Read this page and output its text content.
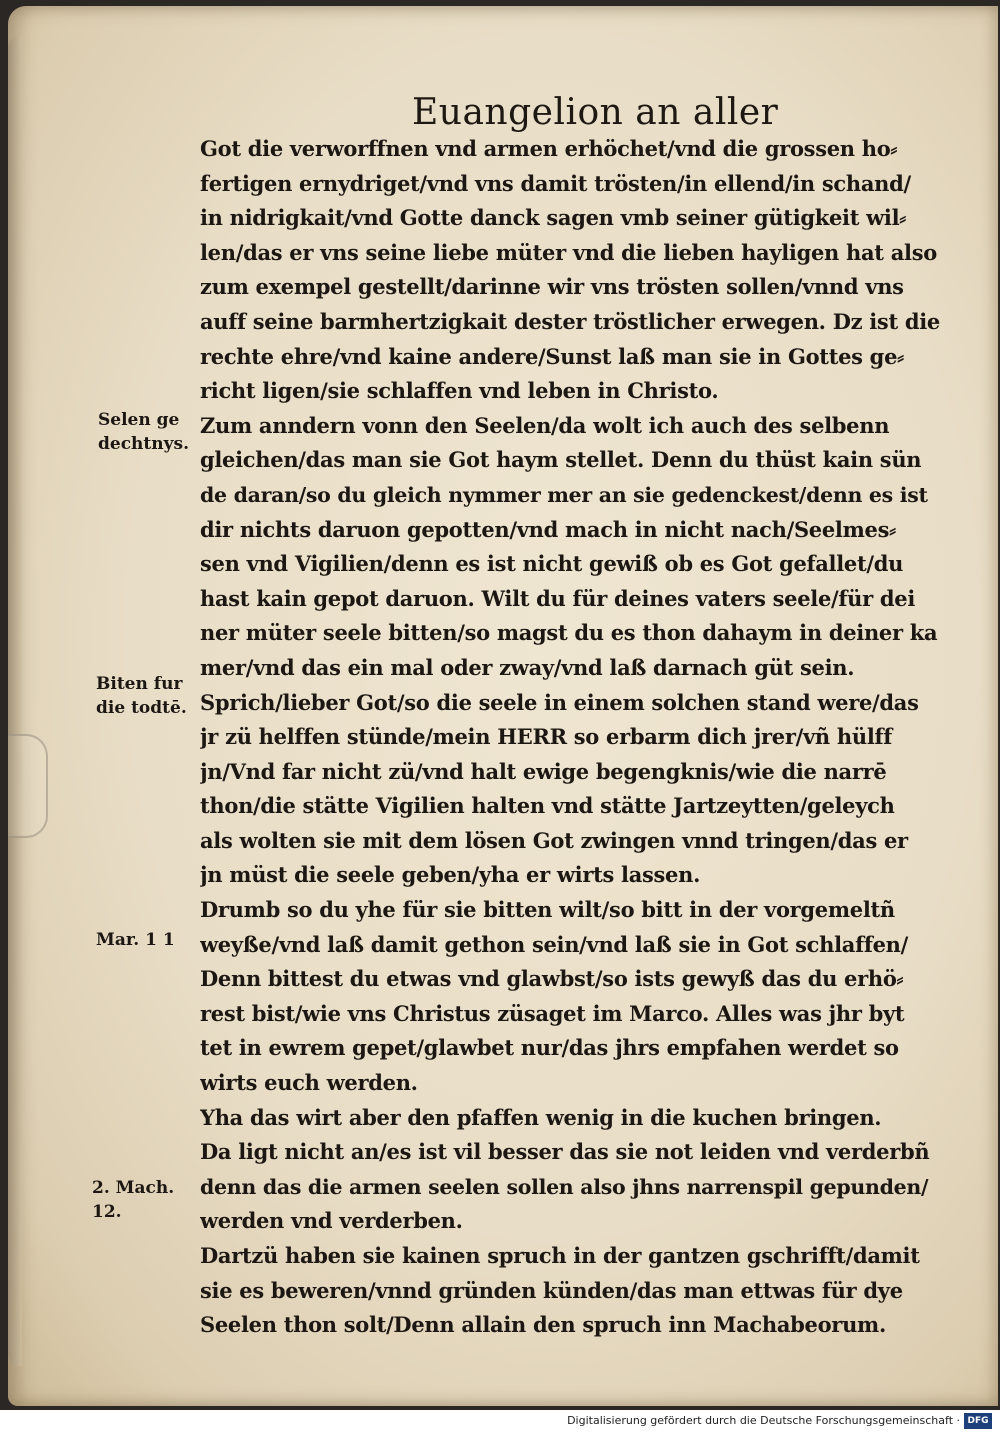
Euangelion an aller
Got die verworffnen vnd armen erhöchet/vnd die grossen ho⸗
fertigen ernydriget/vnd vns damit trösten/in ellend/in schand/
in nidrigkait/vnd Gotte danck sagen vmb seiner gütigkeit wil⸗
len/das er vns seine liebe müter vnd die lieben hayligen hat also
zum exempel gestellt/darinne wir vns trösten sollen/vnnd vns
auff seine barmhertzigkait dester tröstlicher erwegen. Dz ist die
rechte ehre/vnd kaine andere/Sunst laß man sie in Gottes ge⸗
richt ligen/sie schlaffen vnd leben in Christo.
Zum anndern vonn den Seelen/da wolt ich auch des selbenn
gleichen/das man sie Got haym stellet. Denn du thüst kain sün
de daran/so du gleich nymmer mer an sie gedenckest/denn es ist
dir nichts daruon gepotten/vnd mach in nicht nach/Seelmes⸗
sen vnd Vigilien/denn es ist nicht gewiß ob es Got gefallet/du
hast kain gepot daruon. Wilt du für deines vaters seele/für dei
ner müter seele bitten/so magst du es thon dahaym in deiner ka
mer/vnd das ein mal oder zway/vnd laß darnach güt sein.
Sprich/lieber Got/so die seele in einem solchen stand were/das
jr zü helffen stünde/mein HERR so erbarm dich jrer/vñ hülff
jn/Vnd far nicht zü/vnd halt ewige begengknis/wie die narrē
thon/die stätte Vigilien halten vnd stätte Jartzeytten/geleych
als wolten sie mit dem lösen Got zwingen vnnd tringen/das er
jn müst die seele geben/yha er wirts lassen.
Drumb so du yhe für sie bitten wilt/so bitt in der vorgemeltñ
weyße/vnd laß damit gethon sein/vnd laß sie in Got schlaffen/
Denn bittest du etwas vnd glawbst/so ists gewyß das du erhö⸗
rest bist/wie vns Christus züsaget im Marco. Alles was jhr byt
tet in ewrem gepet/glawbet nur/das jhrs empfahen werdet so
wirts euch werden.
Yha das wirt aber den pfaffen wenig in die kuchen bringen.
Da ligt nicht an/es ist vil besser das sie not leiden vnd verderbñ
denn das die armen seelen sollen also jhns narrenspil gepunden/
werden vnd verderben.
Dartzü haben sie kainen spruch in der gantzen gschrifft/damit
sie es beweren/vnnd gründen künden/das man ettwas für dye
Seelen thon solt/Denn allain den spruch inn Machabeorum.
Selen ge
dechtnys.
Biten fur
die todtē.
Mar. 1 1
2. Mach.
12.
Digitalisierung gefördert durch die Deutsche Forschungsgemeinschaft · DFG
